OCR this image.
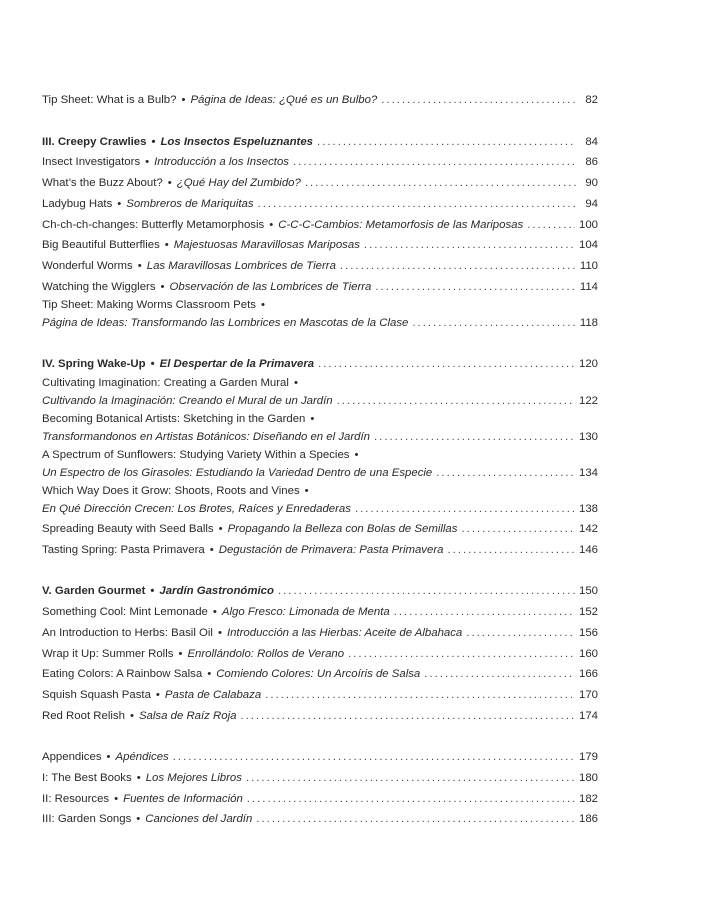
Tip Sheet: What is a Bulb? • Página de Ideas: ¿Qué es un Bulbo? .....	82
III. Creepy Crawlies • Los Insectos Espeluznantes .....	84
Insect Investigators • Introducción a los Insectos .....	86
What’s the Buzz About? • ¿Qué Hay del Zumbido? .....	90
Ladybug Hats • Sombreros de Mariquitas .....	94
Ch-ch-ch-changes: Butterfly Metamorphosis • C-C-C-Cambios: Metamorfosis de las Mariposas .....	100
Big Beautiful Butterflies • Majestuosas Maravillosas Mariposas .....	104
Wonderful Worms • Las Maravillosas Lombrices de Tierra .....	110
Watching the Wigglers • Observación de las Lombrices de Tierra .....	114
Tip Sheet: Making Worms Classroom Pets •
Página de Ideas: Transformando las Lombrices en Mascotas de la Clase .....	118
IV. Spring Wake-Up • El Despertar de la Primavera .....	120
Cultivating Imagination: Creating a Garden Mural •
Cultivando la Imaginación: Creando el Mural de un Jardín .....	122
Becoming Botanical Artists: Sketching in the Garden •
Transformandonos en Artistas Botánicos: Diseñando en el Jardín .....	130
A Spectrum of Sunflowers: Studying Variety Within a Species •
Un Espectro de los Girasoles: Estudiando la Variedad Dentro de una Especie .....	134
Which Way Does it Grow: Shoots, Roots and Vines •
En Qué Dirección Crecen: Los Brotes, Raíces y Enredaderas .....	138
Spreading Beauty with Seed Balls • Propagando la Belleza con Bolas de Semillas .....	142
Tasting Spring: Pasta Primavera • Degustación de Primavera: Pasta Primavera .....	146
V. Garden Gourmet • Jardín Gastronómico .....	150
Something Cool: Mint Lemonade • Algo Fresco: Limonada de Menta .....	152
An Introduction to Herbs: Basil Oil • Introducción a las Hierbas: Aceite de Albahaca .....	156
Wrap it Up: Summer Rolls • Enrollándolo: Rollos de Verano .....	160
Eating Colors: A Rainbow Salsa • Comiendo Colores: Un Arcoíris de Salsa .....	166
Squish Squash Pasta • Pasta de Calabaza .....	170
Red Root Relish • Salsa de Raíz Roja .....	174
Appendices • Apéndices .....	179
I: The Best Books • Los Mejores Libros .....	180
II: Resources • Fuentes de Información .....	182
III: Garden Songs • Canciones del Jardín .....	186
